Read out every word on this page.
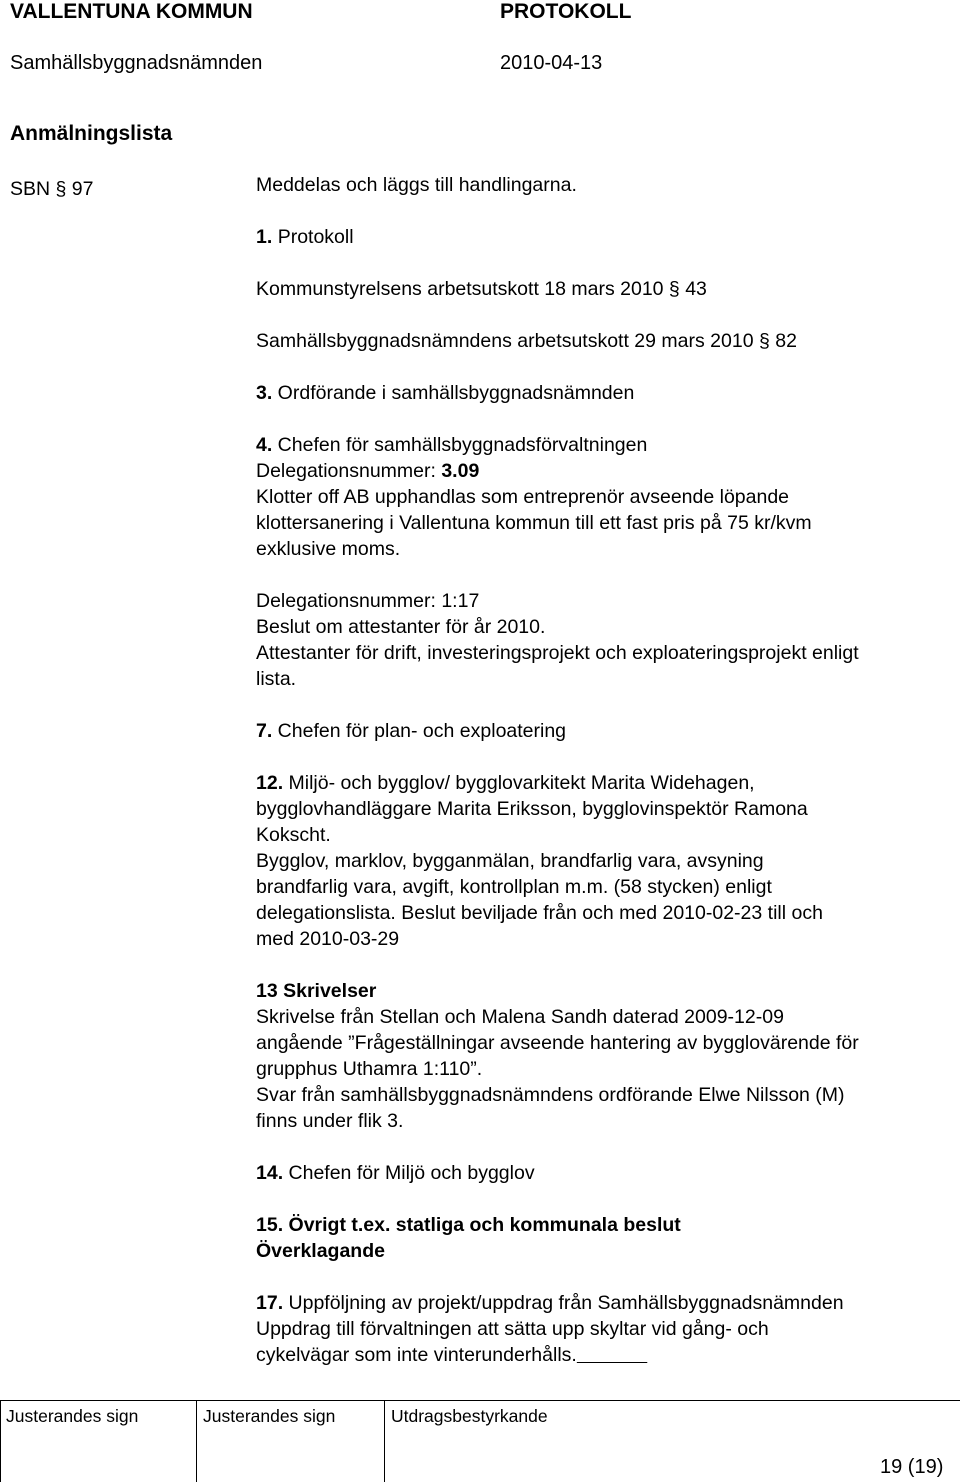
VALLENTUNA KOMMUN	PROTOKOLL
Samhällsbyggnadsnämnden	2010-04-13
Anmälningslista
SBN § 97	Meddelas och läggs till handlingarna.

1. Protokoll

Kommunstyrelsens arbetsutskott 18 mars 2010 § 43

Samhällsbyggnadsnämndens arbetsutskott 29 mars 2010 § 82

3. Ordförande i samhällsbyggnadsnämnden

4. Chefen för samhällsbyggnadsförvaltningen

Delegationsnummer: 3.09

Klotter off AB upphandlas som entreprenör avseende löpande

klottersanering i Vallentuna kommun till ett fast pris på 75 kr/kvm

exklusive moms.

Delegationsnummer: 1:17

Beslut om attestanter för år 2010.

Attestanter för drift, investeringsprojekt och exploateringsprojekt enligt

lista.

7. Chefen för plan- och exploatering

12. Miljö- och bygglov/ bygglovarkitekt Marita Widehagen,

bygglovhandläggare Marita Eriksson, bygglovinspektör Ramona

Kokscht.

Bygglov, marklov, bygganmälan, brandfarlig vara, avsyning

brandfarlig vara, avgift, kontrollplan m.m. (58 stycken) enligt

delegationslista. Beslut beviljade från och med 2010-02-23 till och

med 2010-03-29

13 Skrivelser

Skrivelse från Stellan och Malena Sandh daterad 2009-12-09

angående ”Frågeställningar avseende hantering av bygglovärende för

grupphus Uthamra 1:110”.

Svar från samhällsbyggnadsnämndens ordförande Elwe Nilsson (M)

finns under flik 3.

14. Chefen för Miljö och bygglov

15. Övrigt t.ex. statliga och kommunala beslut

Överklagande

17. Uppföljning av projekt/uppdrag från Samhällsbyggnadsnämnden

Uppdrag till förvaltningen att sätta upp skyltar vid gång- och

cykelvägar som inte vinterunderhålls.

Justerandes sign	Justerandes sign	Utdragsbestyrkande
19 (19)
